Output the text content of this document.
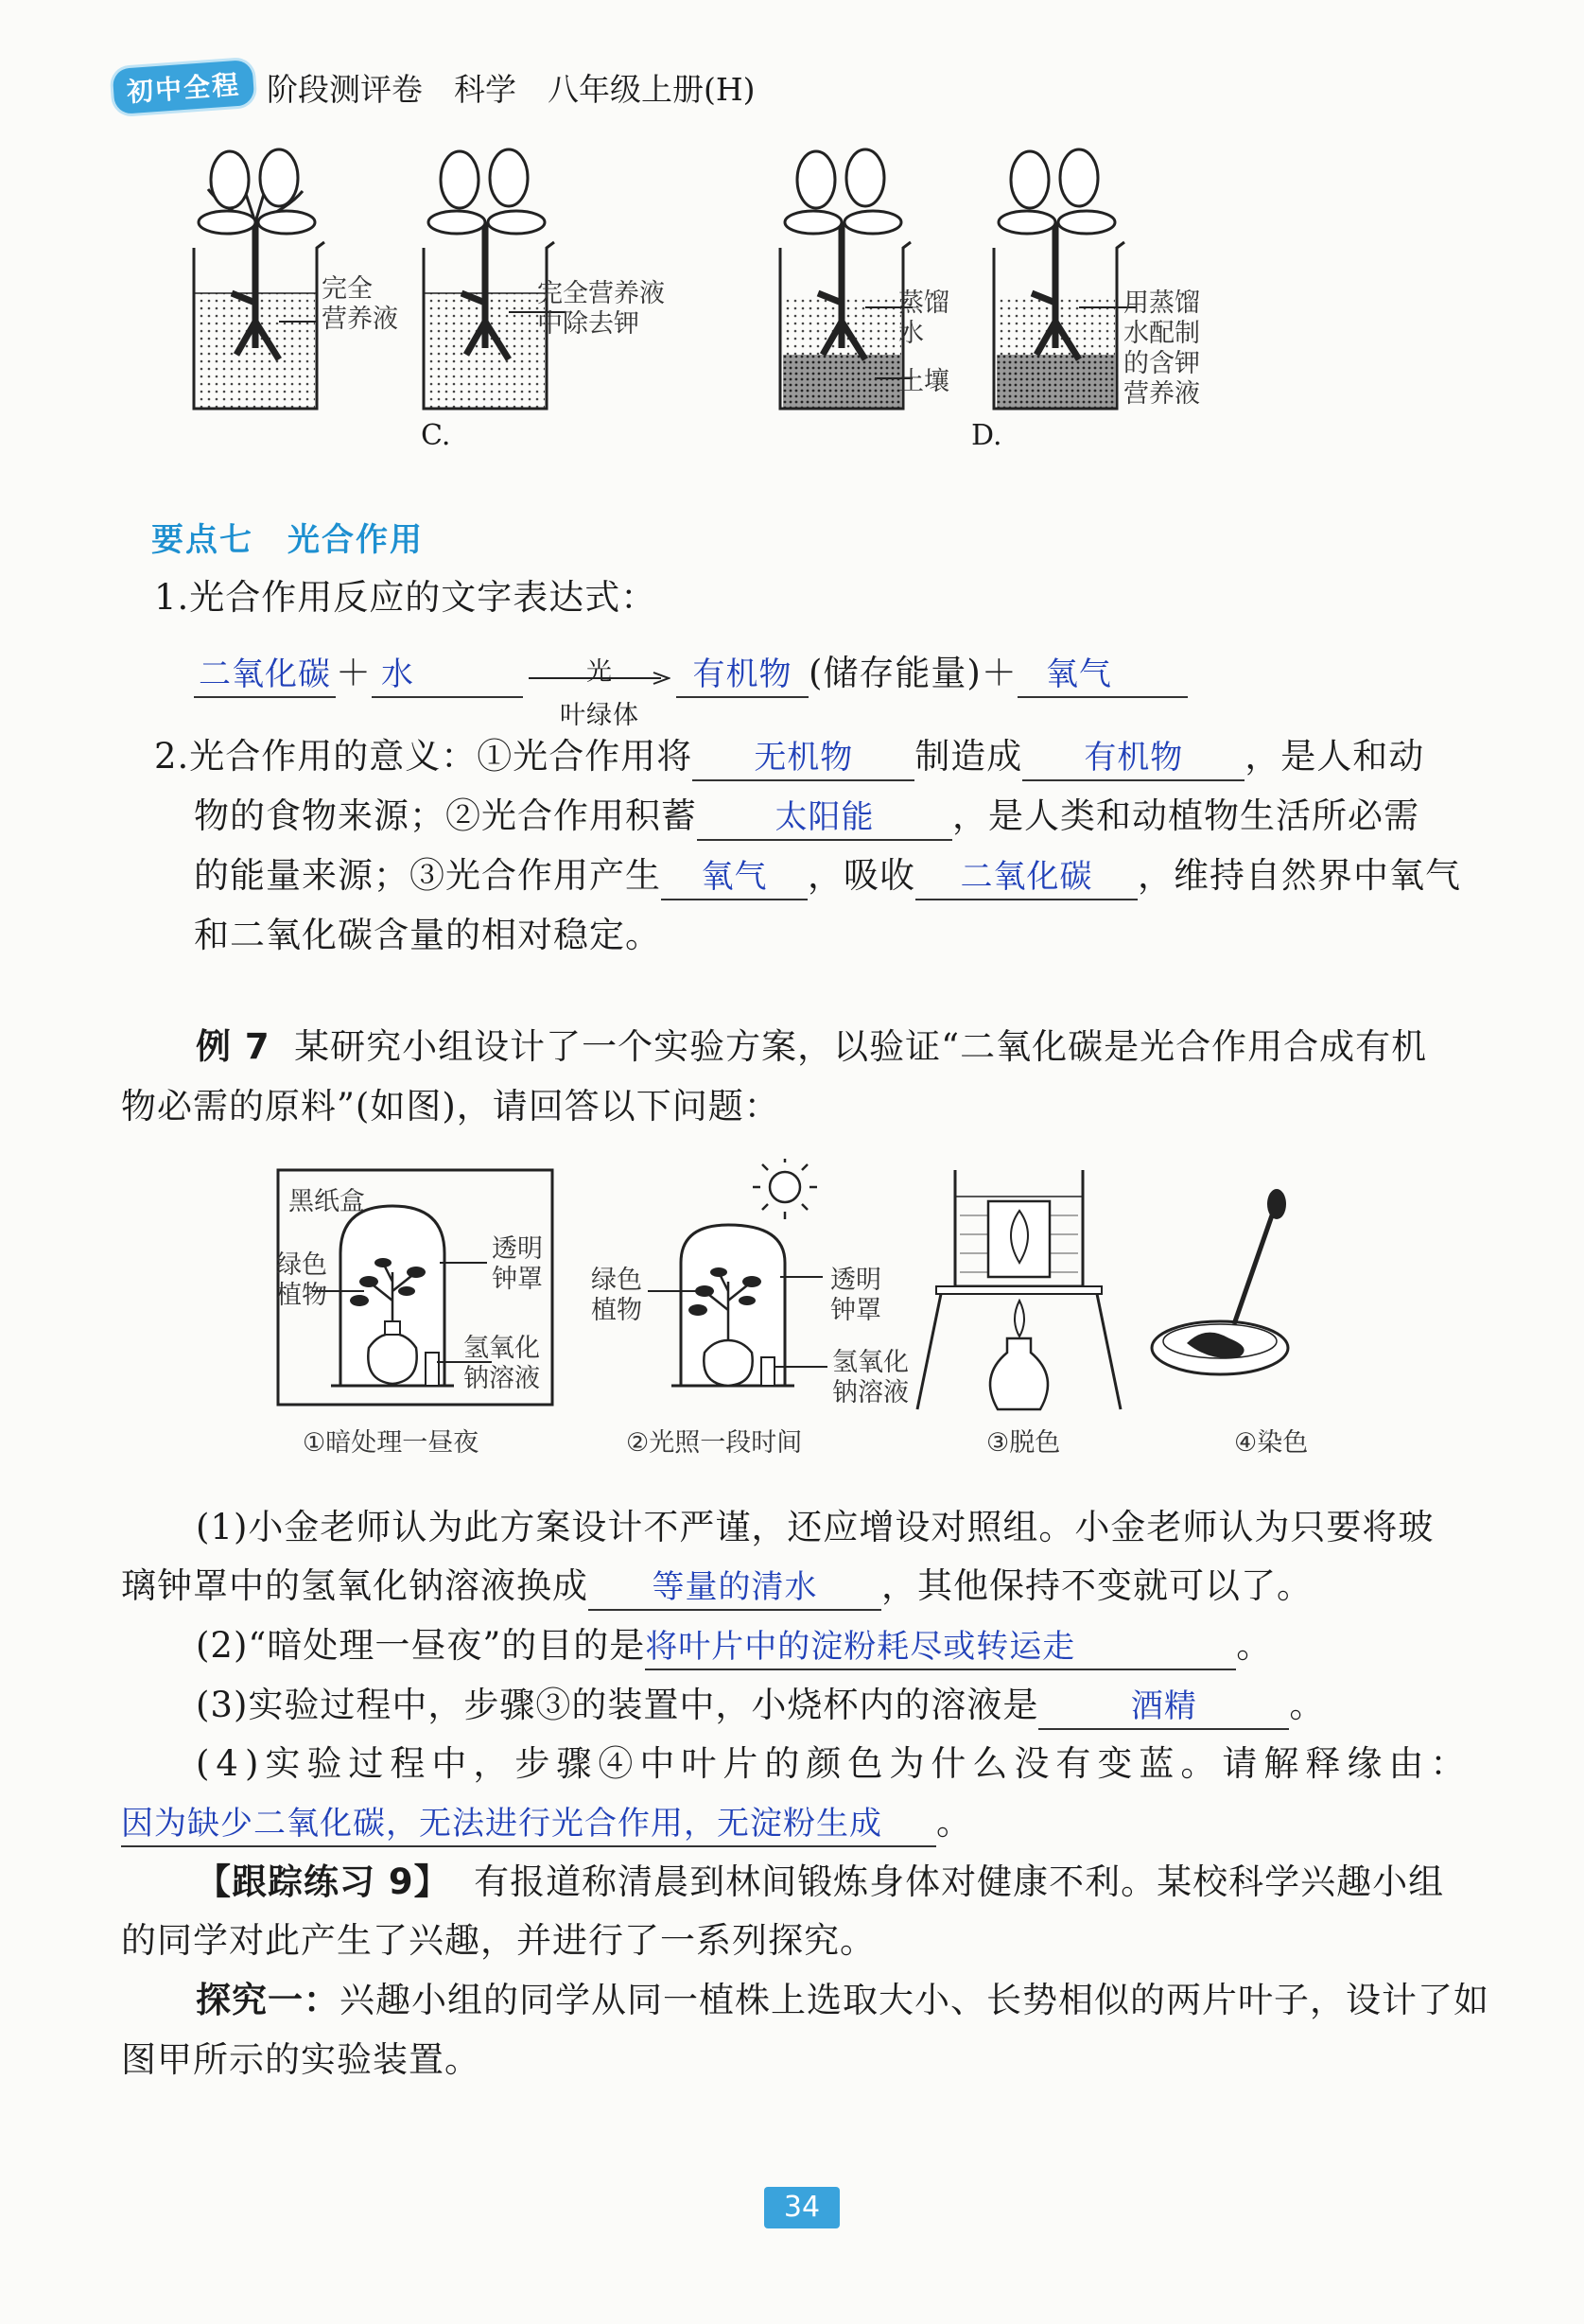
初中全程 阶段测评卷　科学　八年级上册(H)
完全
营养液
完全营养液
中除去钾
C.
蒸馏
水
土壤
用蒸馏
水配制
的含钾
营养液
D.
要点七　光合作用
1.光合作用反应的文字表达式：
二氧化碳 ＋ 水	光
叶绿体
有机物 (储存能量)＋ 氧气
2.光合作用的意义：①光合作用将 无机物 制造成 有机物 ，是人和动
物的食物来源；②光合作用积蓄 太阳能 ，是人类和动植物生活所必需
的能量来源；③光合作用产生 氧气 ，吸收 二氧化碳 ，维持自然界中氧气
和二氧化碳含量的相对稳定。
例 7 某研究小组设计了一个实验方案，以验证“二氧化碳是光合作用合成有机
物必需的原料”(如图)，请回答以下问题：
黑纸盒
绿色
植物
透明
钟罩
氢氧化
钠溶液
绿色
植物
透明
钟罩
氢氧化
钠溶液
①暗处理一昼夜	②光照一段时间	③脱色	④染色
(1)小金老师认为此方案设计不严谨，还应增设对照组。小金老师认为只要将玻
璃钟罩中的氢氧化钠溶液换成 等量的清水 ，其他保持不变就可以了。
(2)“暗处理一昼夜”的目的是将叶片中的淀粉耗尽或转运走	。
(3)实验过程中，步骤③的装置中，小烧杯内的溶液是	酒精	。
(4)实验过程中，步骤④中叶片的颜色为什么没有变蓝。请解释缘由：
因为缺少二氧化碳，无法进行光合作用，无淀粉生成 。
【跟踪练习 9】 有报道称清晨到林间锻炼身体对健康不利。某校科学兴趣小组
的同学对此产生了兴趣，并进行了一系列探究。
探究一：兴趣小组的同学从同一植株上选取大小、长势相似的两片叶子，设计了如
图甲所示的实验装置。
34
